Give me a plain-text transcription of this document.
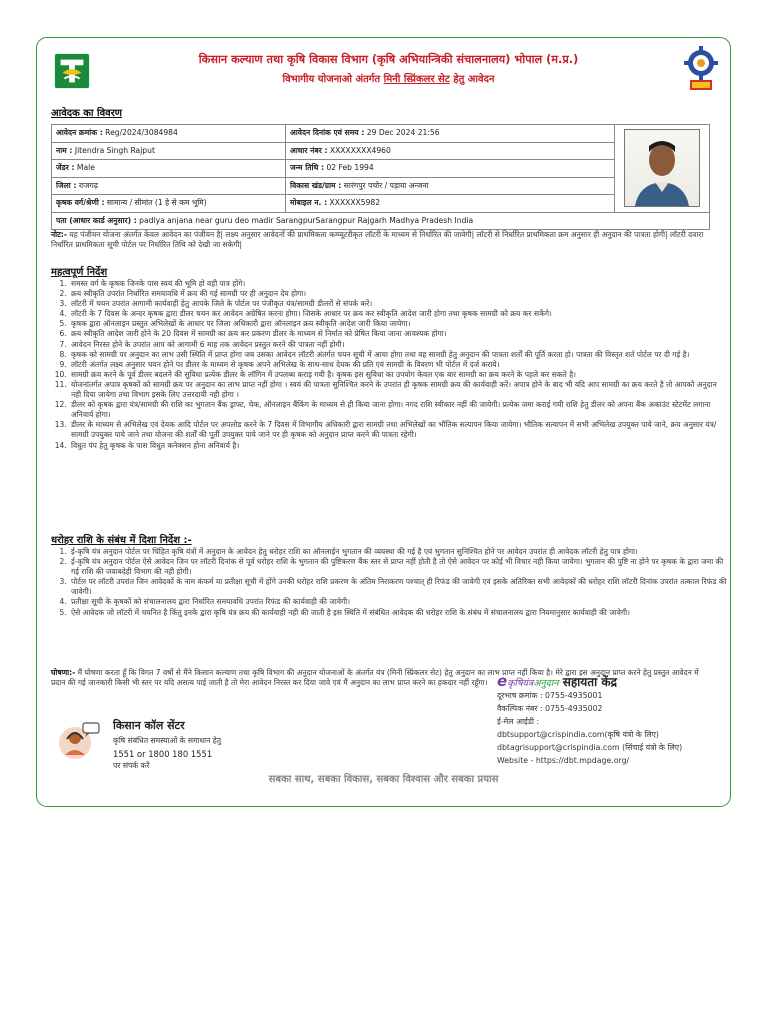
किसान कल्याण तथा कृषि विकास विभाग (कृषि अभियान्त्रिकी संचालनालय) भोपाल (म.प्र.)
विभागीय योजनाओ अंतर्गत मिनी स्प्रिंकलर सेट हेतु आवेदन
आवेदक का विवरण
आवेदन क्रमांक : Reg/2024/3084984	आवेदन दिनांक एवं समय : 29 Dec 2024 21:56	

नाम : Jitendra Singh Rajput	आधार नंबर : XXXXXXXX4960	
जेंडर : Male	जन्म तिथि : 02 Feb 1994	
जिला : राजगढ़	विकास खंड/ग्राम : सारंगपुर पचोर / पड़ाया अन्जना	
कृषक वर्ग/श्रेणी : सामान्य / सीमांत (1 हे से कम भूमि)	मोबाइल न. : XXXXXX5982	
पता (आधार कार्ड अनुसार) : padlya anjana near guru deo madir SarangpurSarangpur Rajgarh Madhya Pradesh India		
नोट:- यह पंजीयन योजना अंतर्गत केवल आवेदन का पंजीयन है| लक्ष्य अनुसार आवेदनों की प्राथमिकता कम्प्यूटरीकृत लॉटरी के माध्यम से निर्धारित की जावेगी| लॉटरी से निर्धारित प्राथमिकता क्रम अनुसार ही अनुदान की पात्रता होगी| लॉटरी दवारा निर्धारित प्राथमिकता सूची पोर्टल पर निर्धारित तिथि को देखी जा सकेगी|
महत्वपूर्ण निर्देश
1. समस्त वर्ग के कृषक जिनके पास स्वयं की भूमि हो वही पात्र होंगे।
2. क्रय स्वीकृति उपरांत निर्धारित समयावधि में क्रय की गई सामग्री पर ही अनुदान देय होगा।
3. लॉटरी में चयन उपरांत आगामी कार्यवाही हेतु आपके जिले के पोर्टल पर पंजीकृत यंत्र/सामग्री डीलरों से संपर्क करें।
4. लॉटरी के 7 दिवस के अन्दर कृषक द्वारा डीलर चयन कर आवेदन अग्रेषित करना होगा। जिसके आधार पर क्रय कर स्वीकृति आदेश जारी होगा तथा कृषक सामग्री को क्रय कर सकेंगे।
5. कृषक द्वारा ऑनलाइन प्रस्तुत अभिलेखों के आधार पर जिला अधिकारी द्वारा ऑनलाइन क्रय स्वीकृति आदेश जारी किया जायेगा।
6. क्रय स्वीकृति आदेश जारी होने के 20 दिवस में सामग्री का क्रय कर प्रकरण डीलर के माध्यम से निर्मात को प्रेषित किया जाना आवश्यक होगा।
7. आवेदन निरस्त होने के उपरांत आप को आगामी 6 माह तक आवेदन प्रस्तुत करने की पात्रता नहीं होगी।
8. कृषक को सामग्री पर अनुदान का लाभ उसी स्थिति में प्राप्त होगा जब उसका आवेदन लॉटरी अंतर्गत चयन सूची में आया होगा तथा वह सामग्री हेतु अनुदान की पात्रता शर्तों की पूर्ति करता हो। पात्रता की विस्तृत शर्त पोर्टल पर दी गई है।
9. लॉटरी अंतर्गत लक्ष्य अनुसार चयन होने पर डीलर के माध्यम से कृषक अपने अभिलेख के साथ-साथ देयक की प्रति एवं सामग्री के विवरण भी पोर्टल में दर्ज कराये।
10. सामग्री क्रय करने के पूर्व डीलर बदलने की सुविधा प्रत्येक डीलर के लॉगिन में उपलब्ध कराइ गयी है। कृषक इस सुविधा का उपयोग केवल एक बार सामग्री का क्रय करने के पहले कर सकते है।
11. योजनांतर्गत अपात्र कृषकों को सामग्री क्रय पर अनुदान का लाभ प्राप्त नहीं होगा । स्वयं की पात्रता सुनिश्चित करने के उपरांत ही कृषक सामग्री क्रय की कार्यवाही करें। अपात्र होने के बाद भी यदि आप सामग्री का क्रय करते है तो आपको अनुदान नही दिया जायेगा तथा विभाग इसके लिए उत्तरदायी नही होगा ।
12. डीलर को कृषक द्वारा यंत्र/सामग्री की राशि का भुगतान बैंक ड्राफ्ट, चेक, ऑनलाइन बैंकिंग के माध्यम से ही किया जाना होगा। नगद राशि स्वीकार नहीं की जायेगी। प्रत्येक जमा कराई गयी राशि हेतु डीलर को अपना बैंक अकाउंट स्टेटमेंट लगाना अनिवार्य होगा।
13. डीलर के माध्यम से अभिलेख एवं देयक आदि पोर्टल पर अपलोड करने के 7 दिवस में विभागीय अधिकारी द्वारा सामग्री तथा अभिलेखों का भौतिक सत्यापन किया जायेगा। भौतिक सत्यापन में सभी अभिलेख उपयुक्त पाये जाने, क्रय अनुसार यंत्र/सामग्री उपयुक्त पाये जाने तथा योजना की शर्तों की पूर्ती उपयुक्त पाये जाने पर ही कृषक को अनुदान प्राप्त करने की पात्रता रहेगी।
14. विधुत पंप हेतु कृषक के पास विधुत कनेक्शन होना अनिवार्य है।
धरोहर राशि के संबंध में दिशा निर्देश :-
1. ई-कृषि यंत्र अनुदान पोर्टल पर चिंहित कृषि यंत्रों में अनुदान के आवेदन हेतु धरोहर राशि का ऑनलाईन भुगतान की व्यवस्था की गई है एवं भुगतान सुनिश्चित होने पर आवेदन उपरांत ही आवेदक लॉटरी हेतु पात्र होगा।
2. ई-कृषि यंत्र अनुदान पोर्टल ऐसे आवेदन जिन पर लॉटरी दिनांक से पूर्व धरोहर राशि के भुगतान की पुष्टिकरण बैंक स्तर से प्राप्त नहीं होती है तो ऐसे आवेदन पर कोई भी विचार नही किया जायेगा। भुगतान की पुष्टि ना होने पर कृषक के द्वारा जमा की गई राशि की जवाबदेही विभाग की नही होगी।
3. पोर्टल पर लॉटरी उपरांत जिन आवेदकों के नाम कंफर्म या प्रतीक्षा सूची में होंगे उनकी धरोहर राशि प्रकरण के अंतिम निराकरण पश्चात् ही रिफंड की जावेगी एवं इसके अतिरिक्त सभी आवेदकों की धरोहर राशि लॉटरी दिनांक उपरांत तत्काल रिफंड की जावेगी।
4. प्रतीक्षा सूची के कृषकों को संचालनालय द्वारा निर्धारित समयावधि उपरांत रिफंड की कार्यवाही की जावेगी।
5. ऐसे आवेदक जो लॉटरी में चयनित है किंतु इनके द्वारा कृषि यंत्र क्रय की कार्यवाही नही की जाती है इस स्थिति में संबंधित आवेदक की धरोहर राशि के संबंध में संचालनालय द्वारा नियमानुसार कार्यवाही की जावेगी।
घोषणा:- मैं घोषणा करता हूँ कि विगत 7 वर्षो से मैंने किसान कल्याण तथा कृषि विभाग की अनुदान योजनाओं के अंतर्गत यंत्र (मिनी स्प्रिंकलर सेट) हेतु अनुदान का लाभ प्राप्त नहीं किया है। मेरे द्वारा इस अनुदान प्राप्त करने हेतु प्रस्तुत आवेदन में प्रदान की गई जानकारी किसी भी स्तर पर यदि असत्य पाई जाती है तो मेरा आवेदन निरस्त कर दिया जावे एवं मैं अनुदान का लाभ प्राप्त करने का हकदार नहीं रहूँगा।
किसान कॉल सेंटर
कृषि संबंधित समस्याओं के समाधान हेतु
1551 or 1800 180 1551
पर संपर्क करें
eकृषियंत्रअनुदान सहायता केंद्र
दूरभाष क्रमांक : 0755-4935001
वैकल्पिक नंबर : 0755-4935002
ई-मेल आईडी :
dbtsupport@crispindia.com(कृषि यंत्रो के लिए)
dbtagrisupport@crispindia.com (सिंचाई यंत्रो के लिए)
Website - https://dbt.mpdage.org/
सबका साथ, सबका विकास, सबका विश्वास और सबका प्रयास
